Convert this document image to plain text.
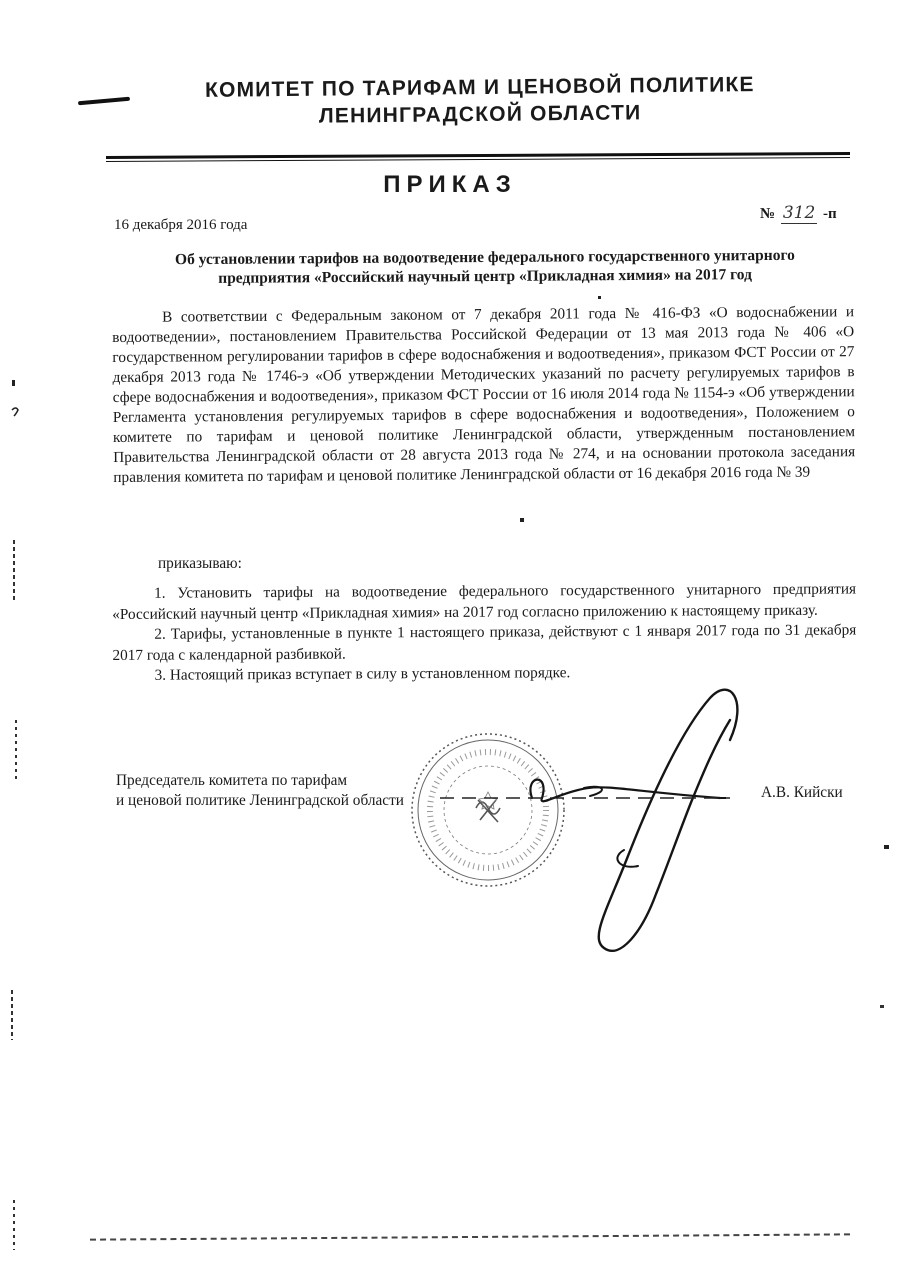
КОМИТЕТ ПО ТАРИФАМ И ЦЕНОВОЙ ПОЛИТИКЕ
ЛЕНИНГРАДСКОЙ ОБЛАСТИ
ПРИКАЗ
16 декабря 2016 года
№ 312 -п
Об установлении тарифов на водоотведение федерального государственного унитарного
предприятия «Российский научный центр «Прикладная химия» на 2017 год

В соответствии с Федеральным законом от 7 декабря 2011 года № 416-ФЗ «О водоснабжении и водоотведении», постановлением Правительства Российской Федерации от 13 мая 2013 года № 406 «О государственном регулировании тарифов в сфере водоснабжения и водоотведения», приказом ФСТ России от 27 декабря 2013 года № 1746-э «Об утверждении Методических указаний по расчету регулируемых тарифов в сфере водоснабжения и водоотведения», приказом ФСТ России от 16 июля 2014 года № 1154-э «Об утверждении Регламента установления регулируемых тарифов в сфере водоснабжения и водоотведения», Положением о комитете по тарифам и ценовой политике Ленинградской области, утвержденным постановлением Правительства Ленинградской области от 28 августа 2013 года № 274, и на основании протокола заседания правления комитета по тарифам и ценовой политике Ленинградской области от 16 декабря 2016 года № 39

приказываю:

1. Установить тарифы на водоотведение федерального государственного унитарного предприятия «Российский научный центр «Прикладная химия» на 2017 год согласно приложению к настоящему приказу.

2. Тарифы, установленные в пункте 1 настоящего приказа, действуют с 1 января 2017 года по 31 декабря 2017 года с календарной разбивкой.

3. Настоящий приказ вступает в силу в установленном порядке.

Председатель комитета по тарифам
и ценовой политике Ленинградской области	А.В. Кийски
